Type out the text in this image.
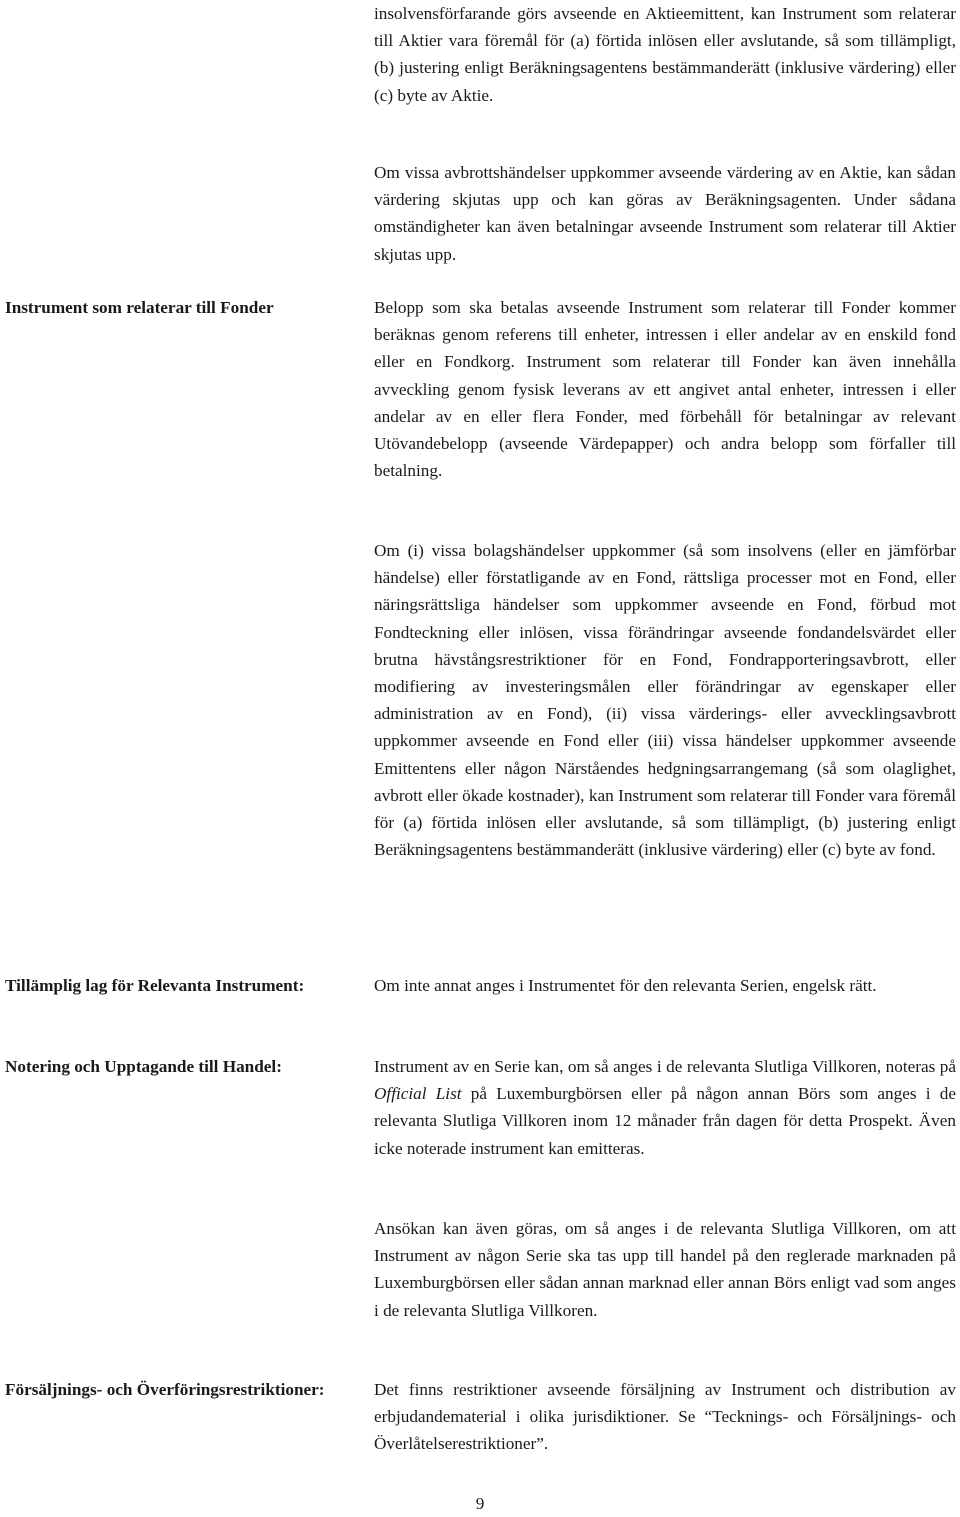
insolvensförfarande görs avseende en Aktieemittent, kan Instrument som relaterar till Aktier vara föremål för (a) förtida inlösen eller avslutande, så som tillämpligt, (b) justering enligt Beräkningsagentens bestämmanderätt (inklusive värdering) eller (c) byte av Aktie.
Om vissa avbrottshändelser uppkommer avseende värdering av en Aktie, kan sådan värdering skjutas upp och kan göras av Beräkningsagenten. Under sådana omständigheter kan även betalningar avseende Instrument som relaterar till Aktier skjutas upp.
Instrument som relaterar till Fonder	Belopp som ska betalas avseende Instrument som relaterar till Fonder kommer beräknas genom referens till enheter, intressen i eller andelar av en enskild fond eller en Fondkorg. Instrument som relaterar till Fonder kan även innehålla avveckling genom fysisk leverans av ett angivet antal enheter, intressen i eller andelar av en eller flera Fonder, med förbehåll för betalningar av relevant Utövandebelopp (avseende Värdepapper) och andra belopp som förfaller till betalning.
Om (i) vissa bolagshändelser uppkommer (så som insolvens (eller en jämförbar händelse) eller förstatligande av en Fond, rättsliga processer mot en Fond, eller näringsrättsliga händelser som uppkommer avseende en Fond, förbud mot Fondteckning eller inlösen, vissa förändringar avseende fondandelsvärdet eller brutna hävstångsrestriktioner för en Fond, Fondrapporteringsavbrott, eller modifiering av investeringsmålen eller förändringar av egenskaper eller administration av en Fond), (ii) vissa värderings- eller avvecklingsavbrott uppkommer avseende en Fond eller (iii) vissa händelser uppkommer avseende Emittentens eller någon Närståendes hedgningsarrangemang (så som olaglighet, avbrott eller ökade kostnader), kan Instrument som relaterar till Fonder vara föremål för (a) förtida inlösen eller avslutande, så som tillämpligt, (b) justering enligt Beräkningsagentens bestämmanderätt (inklusive värdering) eller (c) byte av fond.
Tillämplig lag för Relevanta Instrument:	Om inte annat anges i Instrumentet för den relevanta Serien, engelsk rätt.
Notering och Upptagande till Handel:	Instrument av en Serie kan, om så anges i de relevanta Slutliga Villkoren, noteras på Official List på Luxemburgbörsen eller på någon annan Börs som anges i de relevanta Slutliga Villkoren inom 12 månader från dagen för detta Prospekt. Även icke noterade instrument kan emitteras.
Ansökan kan även göras, om så anges i de relevanta Slutliga Villkoren, om att Instrument av någon Serie ska tas upp till handel på den reglerade marknaden på Luxemburgbörsen eller sådan annan marknad eller annan Börs enligt vad som anges i de relevanta Slutliga Villkoren.
Försäljnings- och Överföringsrestriktioner:	Det finns restriktioner avseende försäljning av Instrument och distribution av erbjudandematerial i olika jurisdiktioner. Se “Tecknings- och Försäljnings- och Överlåtelserestriktioner”.
9
